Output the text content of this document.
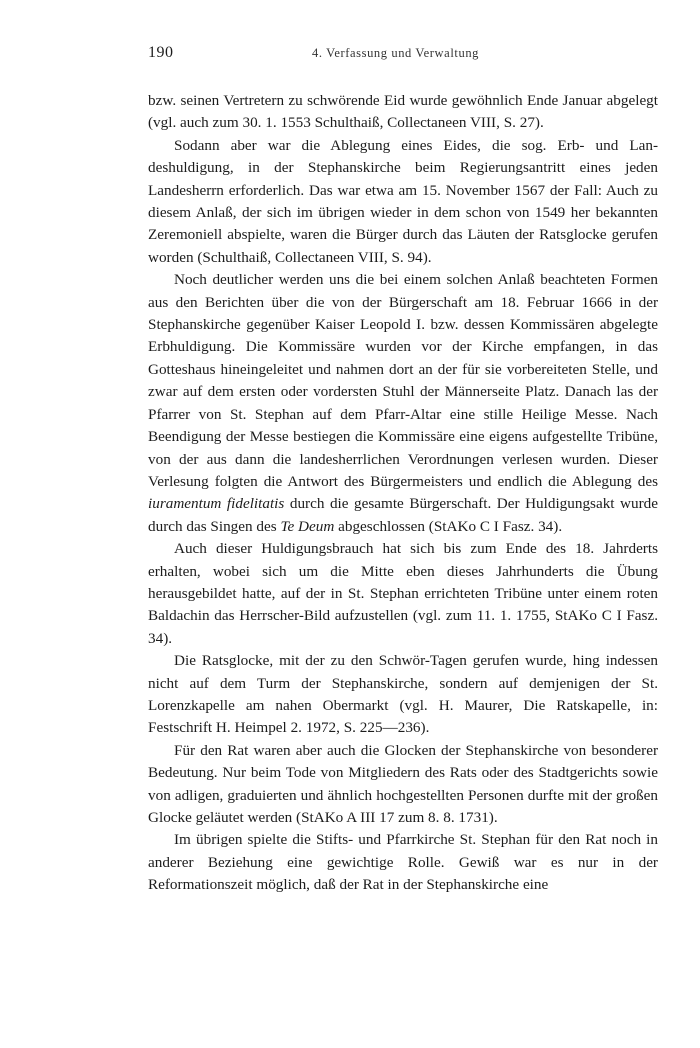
190	4. Verfassung und Verwaltung

bzw. seinen Vertretern zu schwörende Eid wurde gewöhnlich Ende Januar abgelegt (vgl. auch zum 30. 1. 1553 Schulthaiß, Collectaneen VIII, S. 27).

Sodann aber war die Ablegung eines Eides, die sog. Erb- und Landeshuldigung, in der Stephanskirche beim Regierungsantritt eines jeden Landesherrn erforderlich. Das war etwa am 15. November 1567 der Fall: Auch zu diesem Anlaß, der sich im übrigen wieder in dem schon von 1549 her bekannten Zeremoniell abspielte, waren die Bürger durch das Läuten der Ratsglocke gerufen worden (Schulthaiß, Collectaneen VIII, S. 94).

Noch deutlicher werden uns die bei einem solchen Anlaß beachteten Formen aus den Berichten über die von der Bürgerschaft am 18. Februar 1666 in der Stephanskirche gegenüber Kaiser Leopold I. bzw. dessen Kommissären abgelegte Erbhuldigung. Die Kommissäre wurden vor der Kirche empfangen, in das Gotteshaus hineingeleitet und nahmen dort an der für sie vorbereiteten Stelle, und zwar auf dem ersten oder vordersten Stuhl der Männerseite Platz. Danach las der Pfarrer von St. Stephan auf dem Pfarr-Altar eine stille Heilige Messe. Nach Beendigung der Messe bestiegen die Kommissäre eine eigens aufgestellte Tribüne, von der aus dann die landesherrlichen Verordnungen verlesen wurden. Dieser Verlesung folgten die Antwort des Bürgermeisters und endlich die Ablegung des iuramentum fidelitatis durch die gesamte Bürgerschaft. Der Huldigungsakt wurde durch das Singen des Te Deum abgeschlossen (StAKo C I Fasz. 34).

Auch dieser Huldigungsbrauch hat sich bis zum Ende des 18. Jahrderts erhalten, wobei sich um die Mitte eben dieses Jahrhunderts die Übung herausgebildet hatte, auf der in St. Stephan errichteten Tribüne unter einem roten Baldachin das Herrscher-Bild aufzustellen (vgl. zum 11. 1. 1755, StAKo C I Fasz. 34).

Die Ratsglocke, mit der zu den Schwör-Tagen gerufen wurde, hing indessen nicht auf dem Turm der Stephanskirche, sondern auf demjenigen der St. Lorenzkapelle am nahen Obermarkt (vgl. H. Maurer, Die Ratskapelle, in: Festschrift H. Heimpel 2. 1972, S. 225—236).

Für den Rat waren aber auch die Glocken der Stephanskirche von besonderer Bedeutung. Nur beim Tode von Mitgliedern des Rats oder des Stadtgerichts sowie von adligen, graduierten und ähnlich hochgestellten Personen durfte mit der großen Glocke geläutet werden (StAKo A III 17 zum 8. 8. 1731).

Im übrigen spielte die Stifts- und Pfarrkirche St. Stephan für den Rat noch in anderer Beziehung eine gewichtige Rolle. Gewiß war es nur in der Reformationszeit möglich, daß der Rat in der Stephanskirche eine
